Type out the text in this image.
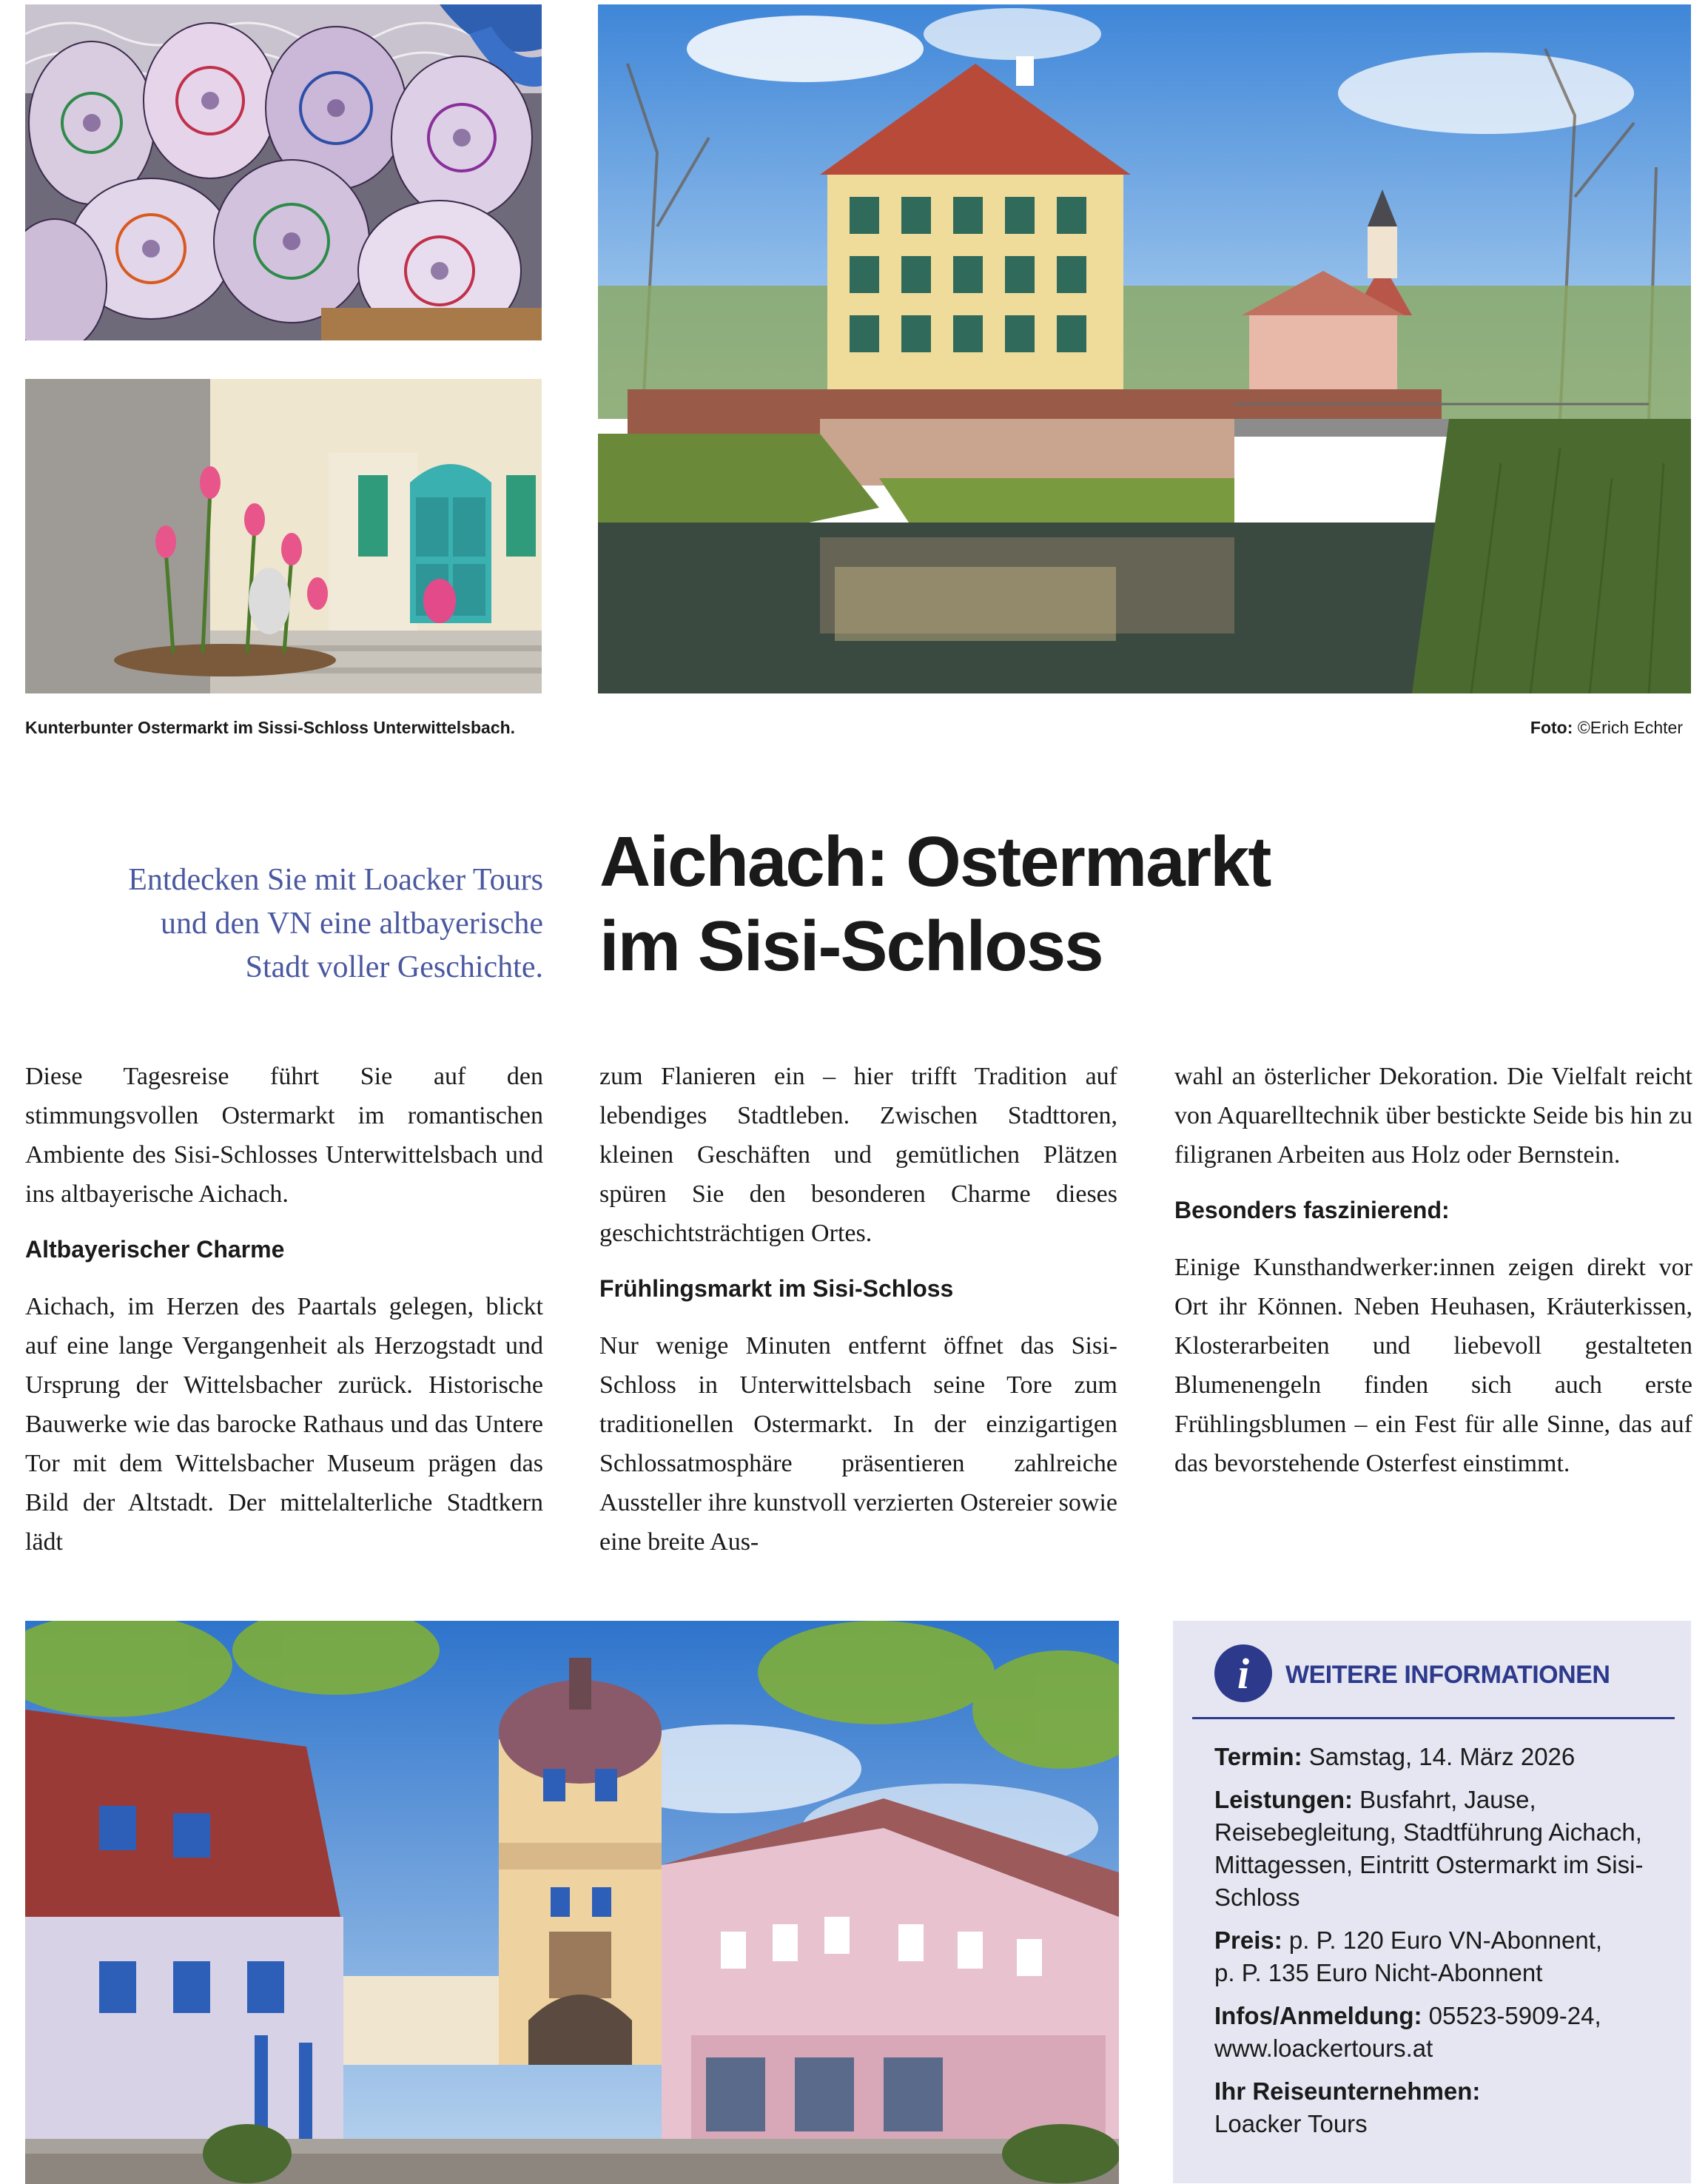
Kunterbunter Ostermarkt im Sissi-Schloss Unterwittelsbach.	Foto: ©Erich Echter
Entdecken Sie mit Loacker Tours
und den VN eine altbayerische
Stadt voller Geschichte.
Aichach: Ostermarkt
im Sisi-Schloss

Diese Tagesreise führt Sie auf den stimmungsvollen Ostermarkt im romantischen Ambiente des Sisi-Schlosses Unterwittelsbach und ins altbayerische Aichach.

Altbayerischer Charme

Aichach, im Herzen des Paartals gelegen, blickt auf eine lange Vergangenheit als Herzogstadt und Ursprung der Wittelsbacher zurück. Historische Bauwerke wie das barocke Rathaus und das Untere Tor mit dem Wittelsbacher Museum prägen das Bild der Altstadt. Der mittelalterliche Stadtkern lädt

zum Flanieren ein – hier trifft Tradition auf lebendiges Stadtleben. Zwischen Stadttoren, kleinen Geschäften und gemütlichen Plätzen spüren Sie den besonderen Charme dieses geschichtsträchtigen Ortes.

Frühlingsmarkt im Sisi-Schloss

Nur wenige Minuten entfernt öffnet das Sisi-Schloss in Unterwittelsbach seine Tore zum traditionellen Ostermarkt. In der einzigartigen Schlossatmosphäre präsentieren zahlreiche Aussteller ihre kunstvoll verzierten Ostereier sowie eine breite Aus-

wahl an österlicher Dekoration. Die Vielfalt reicht von Aquarelltechnik über bestickte Seide bis hin zu filigranen Arbeiten aus Holz oder Bernstein.

Besonders faszinierend:

Einige Kunsthandwerker:innen zeigen direkt vor Ort ihr Können. Neben Heuhasen, Kräuterkissen, Klosterarbeiten und liebevoll gestalteten Blumenengeln finden sich auch erste Frühlingsblumen – ein Fest für alle Sinne, das auf das bevorstehende Osterfest einstimmt.

i	WEITERE INFORMATIONEN

Termin: Samstag, 14. März 2026

Leistungen: Busfahrt, Jause, Reisebegleitung, Stadtführung Aichach, Mittagessen, Eintritt Ostermarkt im Sisi-Schloss

Preis: p. P. 120 Euro VN-Abonnent,
p. P. 135 Euro Nicht-Abonnent

Infos/Anmeldung: 05523-5909-24,
www.loackertours.at

Ihr Reiseunternehmen:
Loacker Tours
